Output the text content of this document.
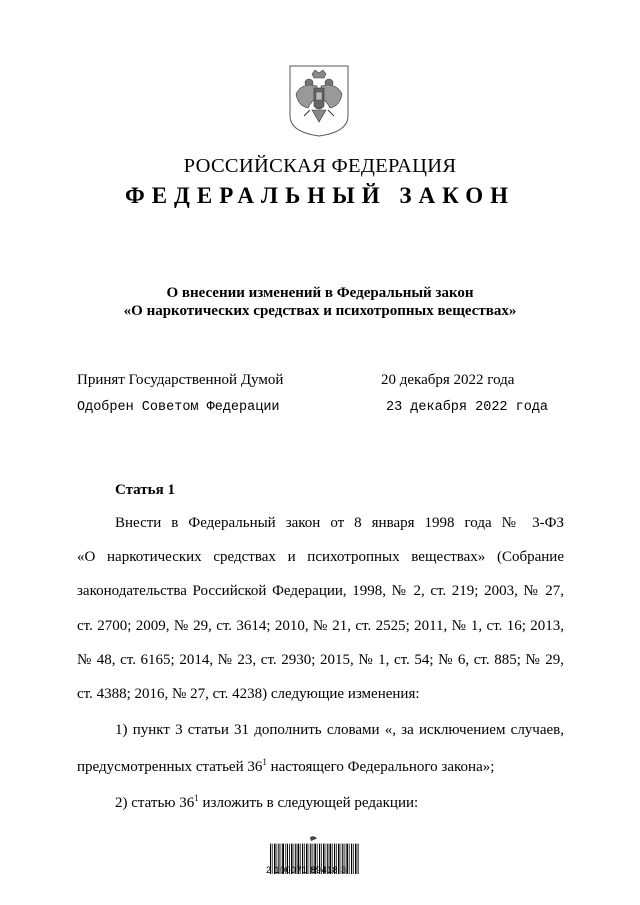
РОССИЙСКАЯ ФЕДЕРАЦИЯ
ФЕДЕРАЛЬНЫЙ ЗАКОН
О внесении изменений в Федеральный закон
«О наркотических средствах и психотропных веществах»
Принят Государственной Думой	20 декабря 2022 года
Одобрен Советом Федерации	23 декабря 2022 года
Статья 1
Внести в Федеральный закон от 8 января 1998 года № 3-ФЗ
«О наркотических средствах и психотропных веществах» (Собрание
законодательства Российской Федерации, 1998, № 2, ст. 219; 2003, № 27,
ст. 2700; 2009, № 29, ст. 3614; 2010, № 21, ст. 2525; 2011, № 1, ст. 16; 2013,
№ 48, ст. 6165; 2014, № 23, ст. 2930; 2015, № 1, ст. 54; № 6, ст. 885; № 29,
ст. 4388; 2016, № 27, ст. 4238) следующие изменения:
1) пункт 3 статьи 31 дополнить словами «, за исключением случаев,
предусмотренных статьей $36^1$ настоящего Федерального закона»;
2) статью $36^1$ изложить в следующей редакции:
2 100071 89418 3
